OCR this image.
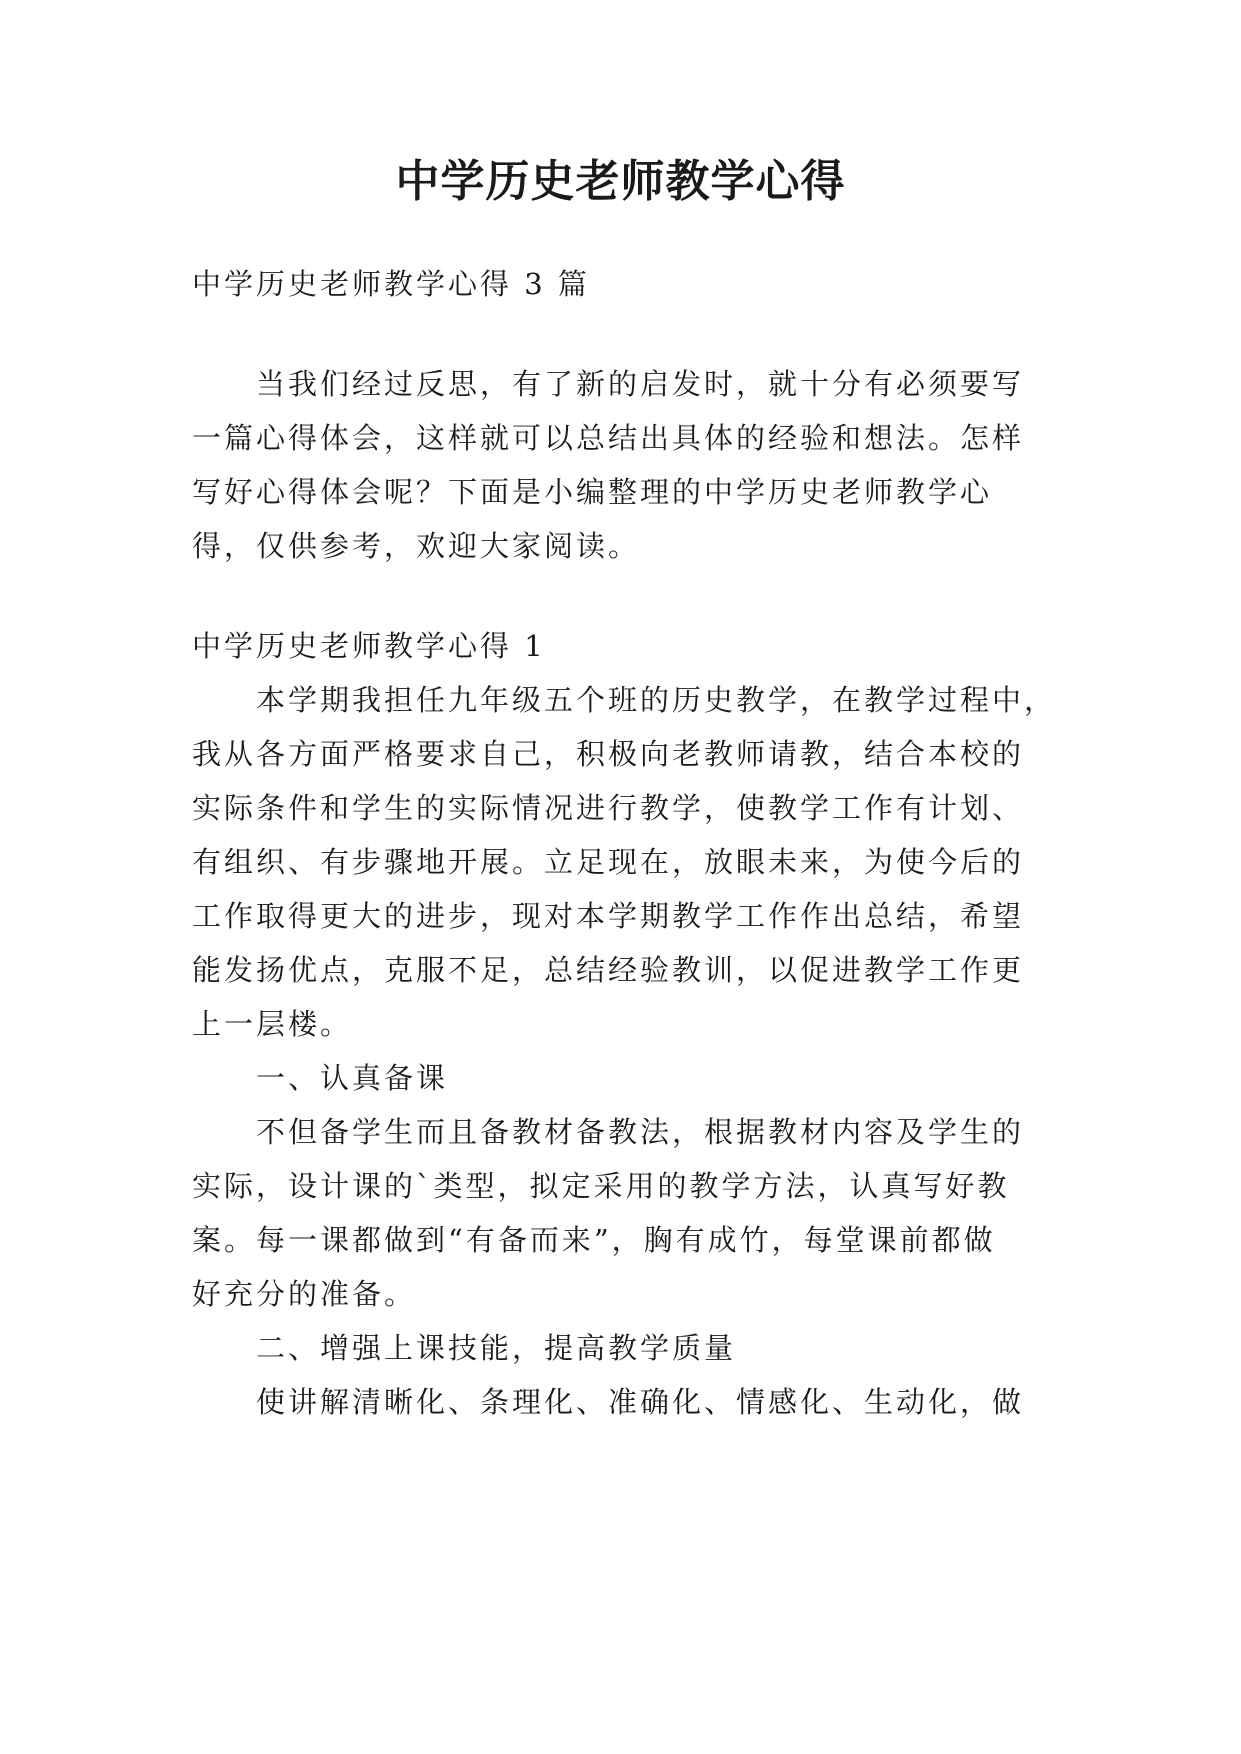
中学历史老师教学心得
中学历史老师教学心得 3 篇
当我们经过反思，有了新的启发时，就十分有必须要写
一篇心得体会，这样就可以总结出具体的经验和想法。怎样
写好心得体会呢？下面是小编整理的中学历史老师教学心
得，仅供参考，欢迎大家阅读。
中学历史老师教学心得 1
本学期我担任九年级五个班的历史教学，在教学过程中，
我从各方面严格要求自己，积极向老教师请教，结合本校的
实际条件和学生的实际情况进行教学，使教学工作有计划、
有组织、有步骤地开展。立足现在，放眼未来，为使今后的
工作取得更大的进步，现对本学期教学工作作出总结，希望
能发扬优点，克服不足，总结经验教训，以促进教学工作更
上一层楼。
一、认真备课
不但备学生而且备教材备教法，根据教材内容及学生的
实际，设计课的`类型，拟定采用的教学方法，认真写好教
案。每一课都做到“有备而来”，胸有成竹，每堂课前都做
好充分的准备。
二、增强上课技能，提高教学质量
使讲解清晰化、条理化、准确化、情感化、生动化，做
